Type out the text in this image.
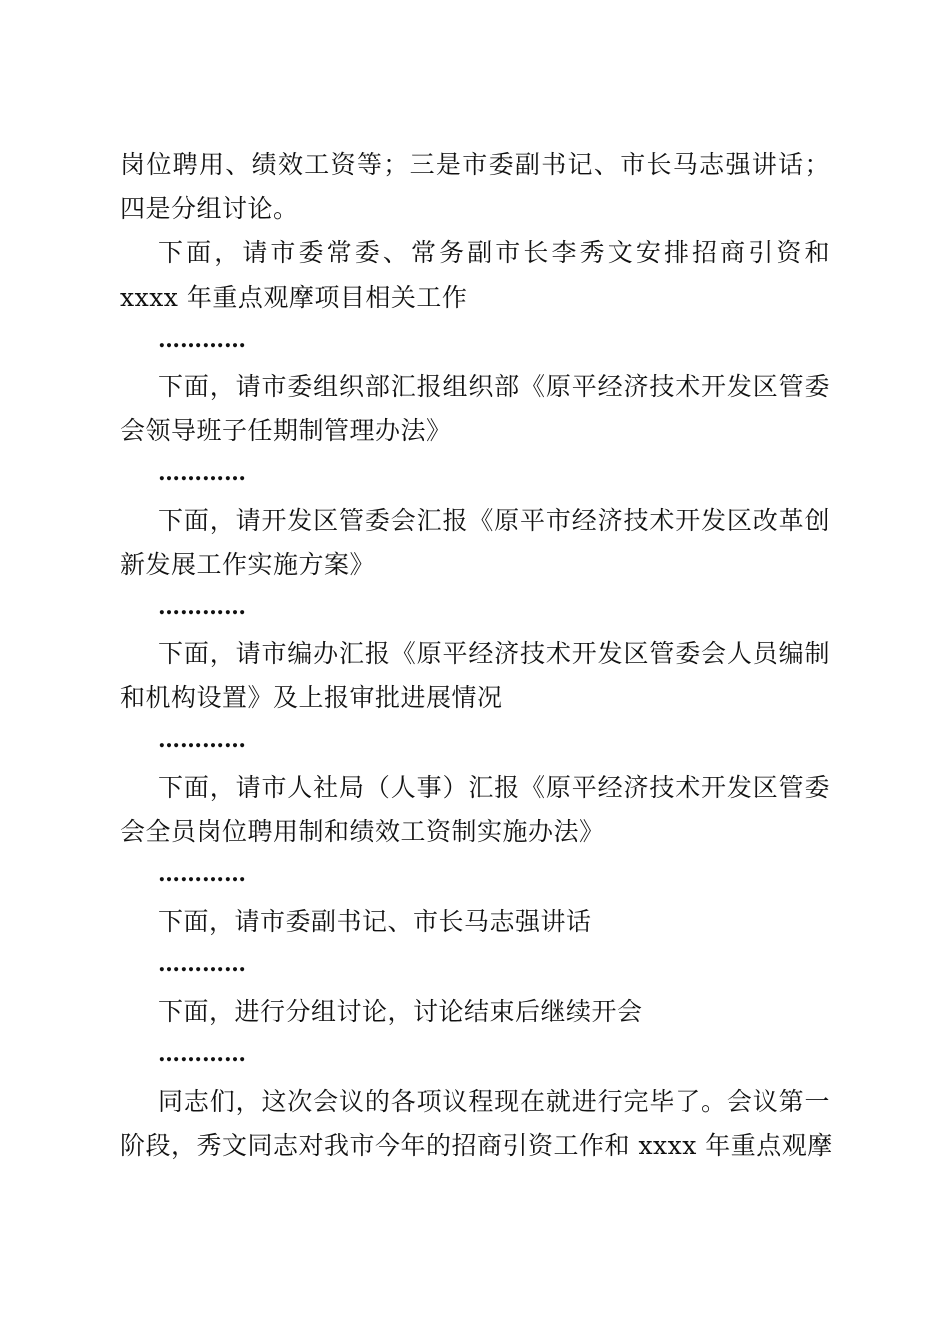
岗位聘用、绩效工资等；三是市委副书记、市长马志强讲话；
四是分组讨论。
下面，请市委常委、常务副市长李秀文安排招商引资和
xxxx 年重点观摩项目相关工作
…………
下面，请市委组织部汇报组织部《原平经济技术开发区管委
会领导班子任期制管理办法》
…………
下面，请开发区管委会汇报《原平市经济技术开发区改革创
新发展工作实施方案》
…………
下面，请市编办汇报《原平经济技术开发区管委会人员编制
和机构设置》及上报审批进展情况
…………
下面，请市人社局（人事）汇报《原平经济技术开发区管委
会全员岗位聘用制和绩效工资制实施办法》
…………
下面，请市委副书记、市长马志强讲话
…………
下面，进行分组讨论，讨论结束后继续开会
…………
同志们，这次会议的各项议程现在就进行完毕了。会议第一
阶段，秀文同志对我市今年的招商引资工作和 xxxx 年重点观摩
